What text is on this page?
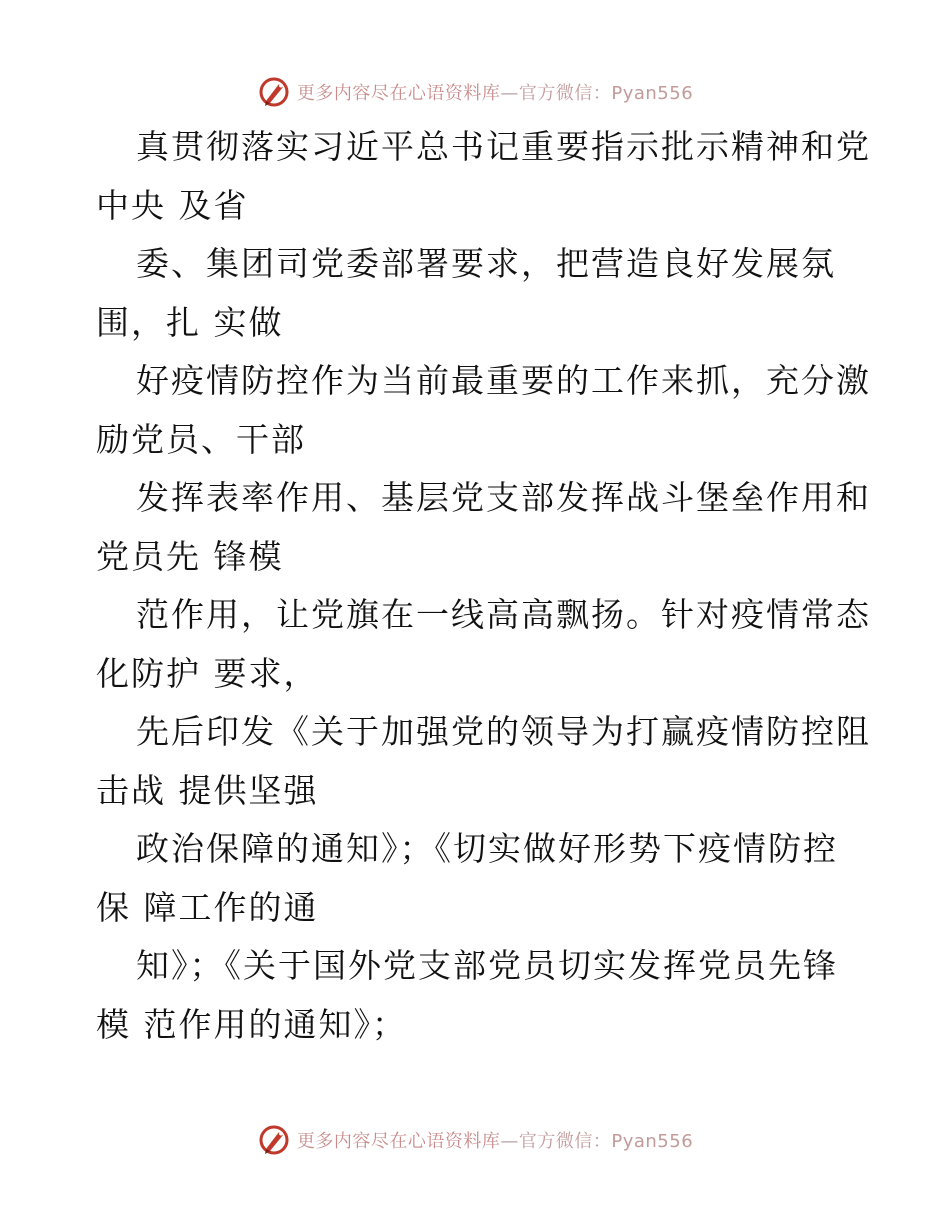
更多内容尽在心语资料库—官方微信：Pyan556
真贯彻落实习近平总书记重要指示批示精神和党
中央 及省
委、集团司党委部署要求，把营造良好发展氛
围，扎 实做
好疫情防控作为当前最重要的工作来抓，充分激
励党员、干部
发挥表率作用、基层党支部发挥战斗堡垒作用和
党员先 锋模
范作用，让党旗在一线高高飘扬。针对疫情常态
化防护 要求，
先后印发《关于加强党的领导为打赢疫情防控阻
击战 提供坚强
政治保障的通知》；《切实做好形势下疫情防控
保 障工作的通
知》；《关于国外党支部党员切实发挥党员先锋
模 范作用的通知》；
更多内容尽在心语资料库—官方微信：Pyan556
